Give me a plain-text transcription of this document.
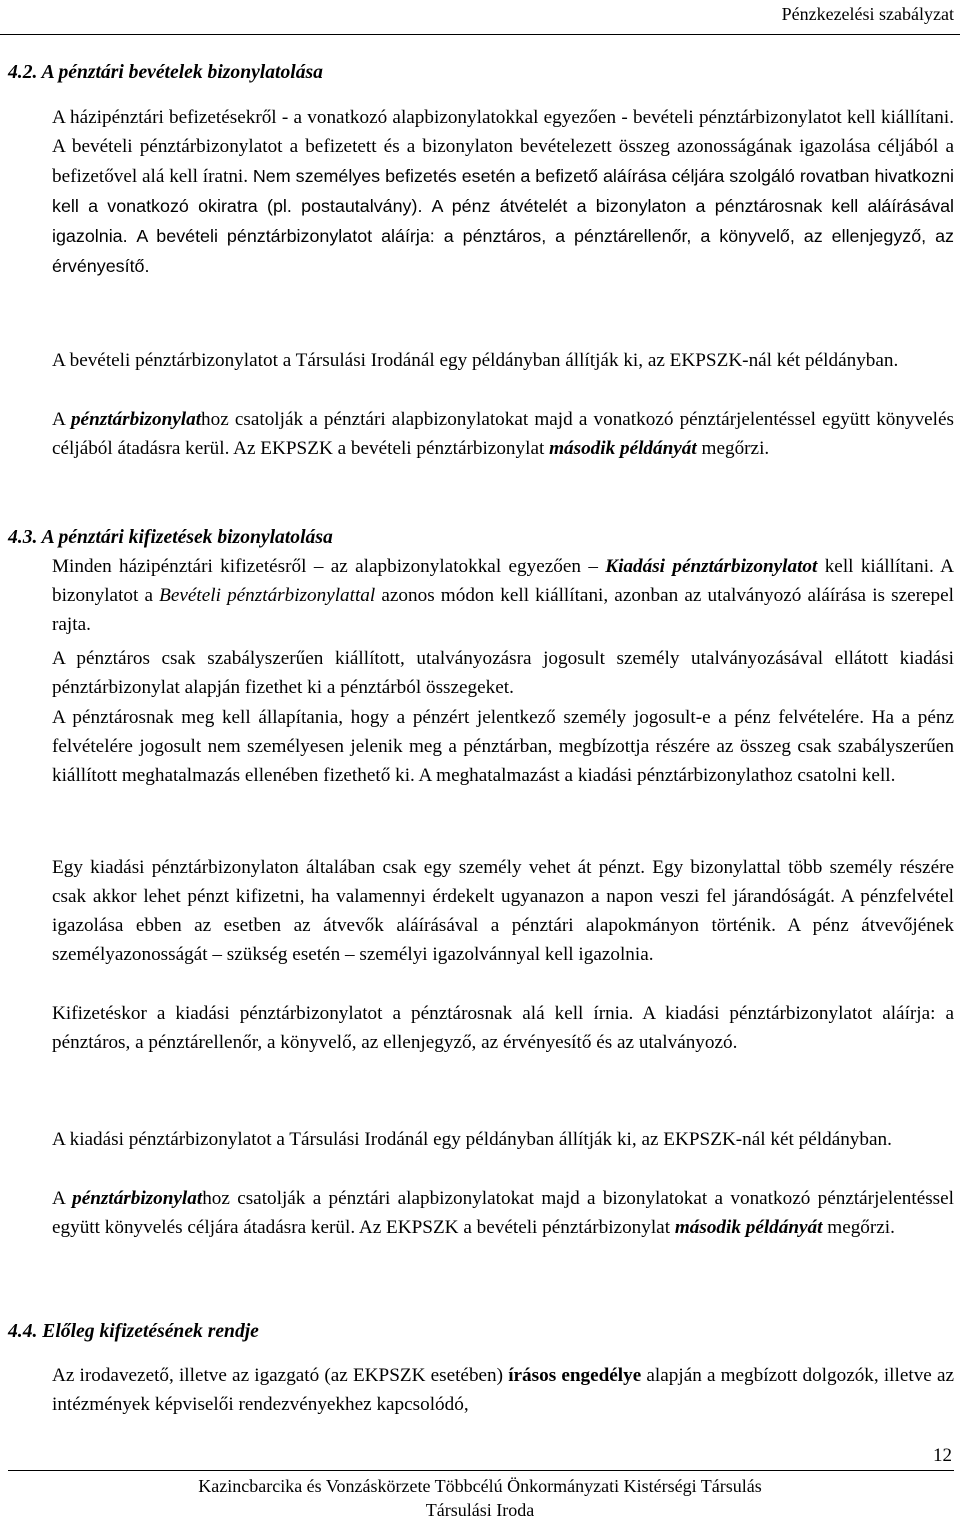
Pénzkezelési szabályzat
4.2. A pénztári bevételek bizonylatolása
A házipénztári befizetésekről - a vonatkozó alapbizonylatokkal egyezően - bevételi pénztárbizonylatot kell kiállítani. A bevételi pénztárbizonylatot a befizetett és a bizonylaton bevételezett összeg azonosságának igazolása céljából a befizetővel alá kell íratni. Nem személyes befizetés esetén a befizető aláírása céljára szolgáló rovatban hivatkozni kell a vonatkozó okiratra (pl. postautalvány). A pénz átvételét a bizonylaton a pénztárosnak kell aláírásával igazolnia. A bevételi pénztárbizonylatot aláírja: a pénztáros, a pénztárellenőr, a könyvelő, az ellenjegyző, az érvényesítő.
A bevételi pénztárbizonylatot a Társulási Irodánál egy példányban állítják ki, az EKPSZK-nál két példányban.
A pénztárbizonylathoz csatolják a pénztári alapbizonylatokat majd a vonatkozó pénztárjelentéssel együtt könyvelés céljából átadásra kerül. Az EKPSZK a bevételi pénztárbizonylat második példányát megőrzi.
4.3. A pénztári kifizetések bizonylatolása
Minden házipénztári kifizetésről – az alapbizonylatokkal egyezően – Kiadási pénztárbizonylatot kell kiállítani. A bizonylatot a Bevételi pénztárbizonylattal azonos módon kell kiállítani, azonban az utalványozó aláírása is szerepel rajta.
A pénztáros csak szabályszerűen kiállított, utalványozásra jogosult személy utalványozásával ellátott kiadási pénztárbizonylat alapján fizethet ki a pénztárból összegeket.
A pénztárosnak meg kell állapítania, hogy a pénzért jelentkező személy jogosult-e a pénz felvételére. Ha a pénz felvételére jogosult nem személyesen jelenik meg a pénztárban, megbízottja részére az összeg csak szabályszerűen kiállított meghatalmazás ellenében fizethető ki. A meghatalmazást a kiadási pénztárbizonylathoz csatolni kell.
Egy kiadási pénztárbizonylaton általában csak egy személy vehet át pénzt. Egy bizonylattal több személy részére csak akkor lehet pénzt kifizetni, ha valamennyi érdekelt ugyanazon a napon veszi fel járandóságát. A pénzfelvétel igazolása ebben az esetben az átvevők aláírásával a pénztári alapokmányon történik. A pénz átvevőjének személyazonosságát – szükség esetén – személyi igazolvánnyal kell igazolnia.
Kifizetéskor a kiadási pénztárbizonylatot a pénztárosnak alá kell írnia. A kiadási pénztárbizonylatot aláírja: a pénztáros, a pénztárellenőr, a könyvelő, az ellenjegyző, az érvényesítő és az utalványozó.
A kiadási pénztárbizonylatot a Társulási Irodánál egy példányban állítják ki, az EKPSZK-nál két példányban.
A pénztárbizonylathoz csatolják a pénztári alapbizonylatokat majd a bizonylatokat a vonatkozó pénztárjelentéssel együtt könyvelés céljára átadásra kerül. Az EKPSZK a bevételi pénztárbizonylat második példányát megőrzi.
4.4. Előleg kifizetésének rendje
Az irodavezető, illetve az igazgató (az EKPSZK esetében) írásos engedélye alapján a megbízott dolgozók, illetve az intézmények képviselői rendezvényekhez kapcsolódó,
12
Kazincbarcika és Vonzáskörzete Többcélú Önkormányzati Kistérségi Társulás
Társulási Iroda
